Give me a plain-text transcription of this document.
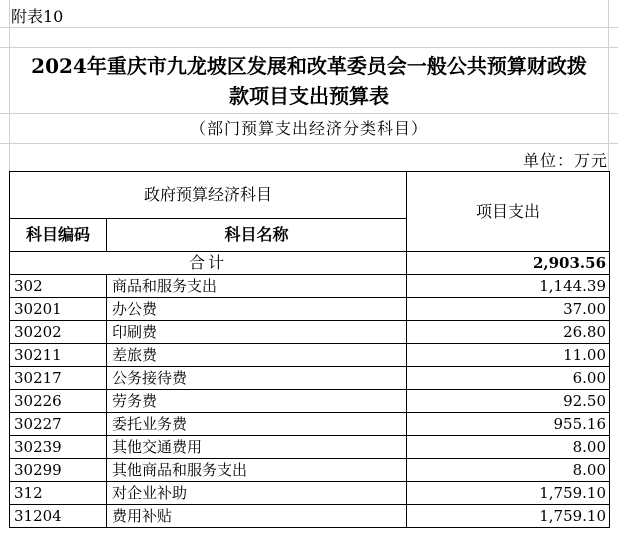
附表10
2024年重庆市九龙坡区发展和改革委员会一般公共预算财政拨
款项目支出预算表
（部门预算支出经济分类科目）
单位：万元
政府预算经济科目		项目支出
科目编码	科目名称	
合计		2,903.56
302	商品和服务支出	1,144.39
30201	办公费	37.00
30202	印刷费	26.80
30211	差旅费	11.00
30217	公务接待费	6.00
30226	劳务费	92.50
30227	委托业务费	955.16
30239	其他交通费用	8.00
30299	其他商品和服务支出	8.00
312	对企业补助	1,759.10
31204	费用补贴	1,759.10
